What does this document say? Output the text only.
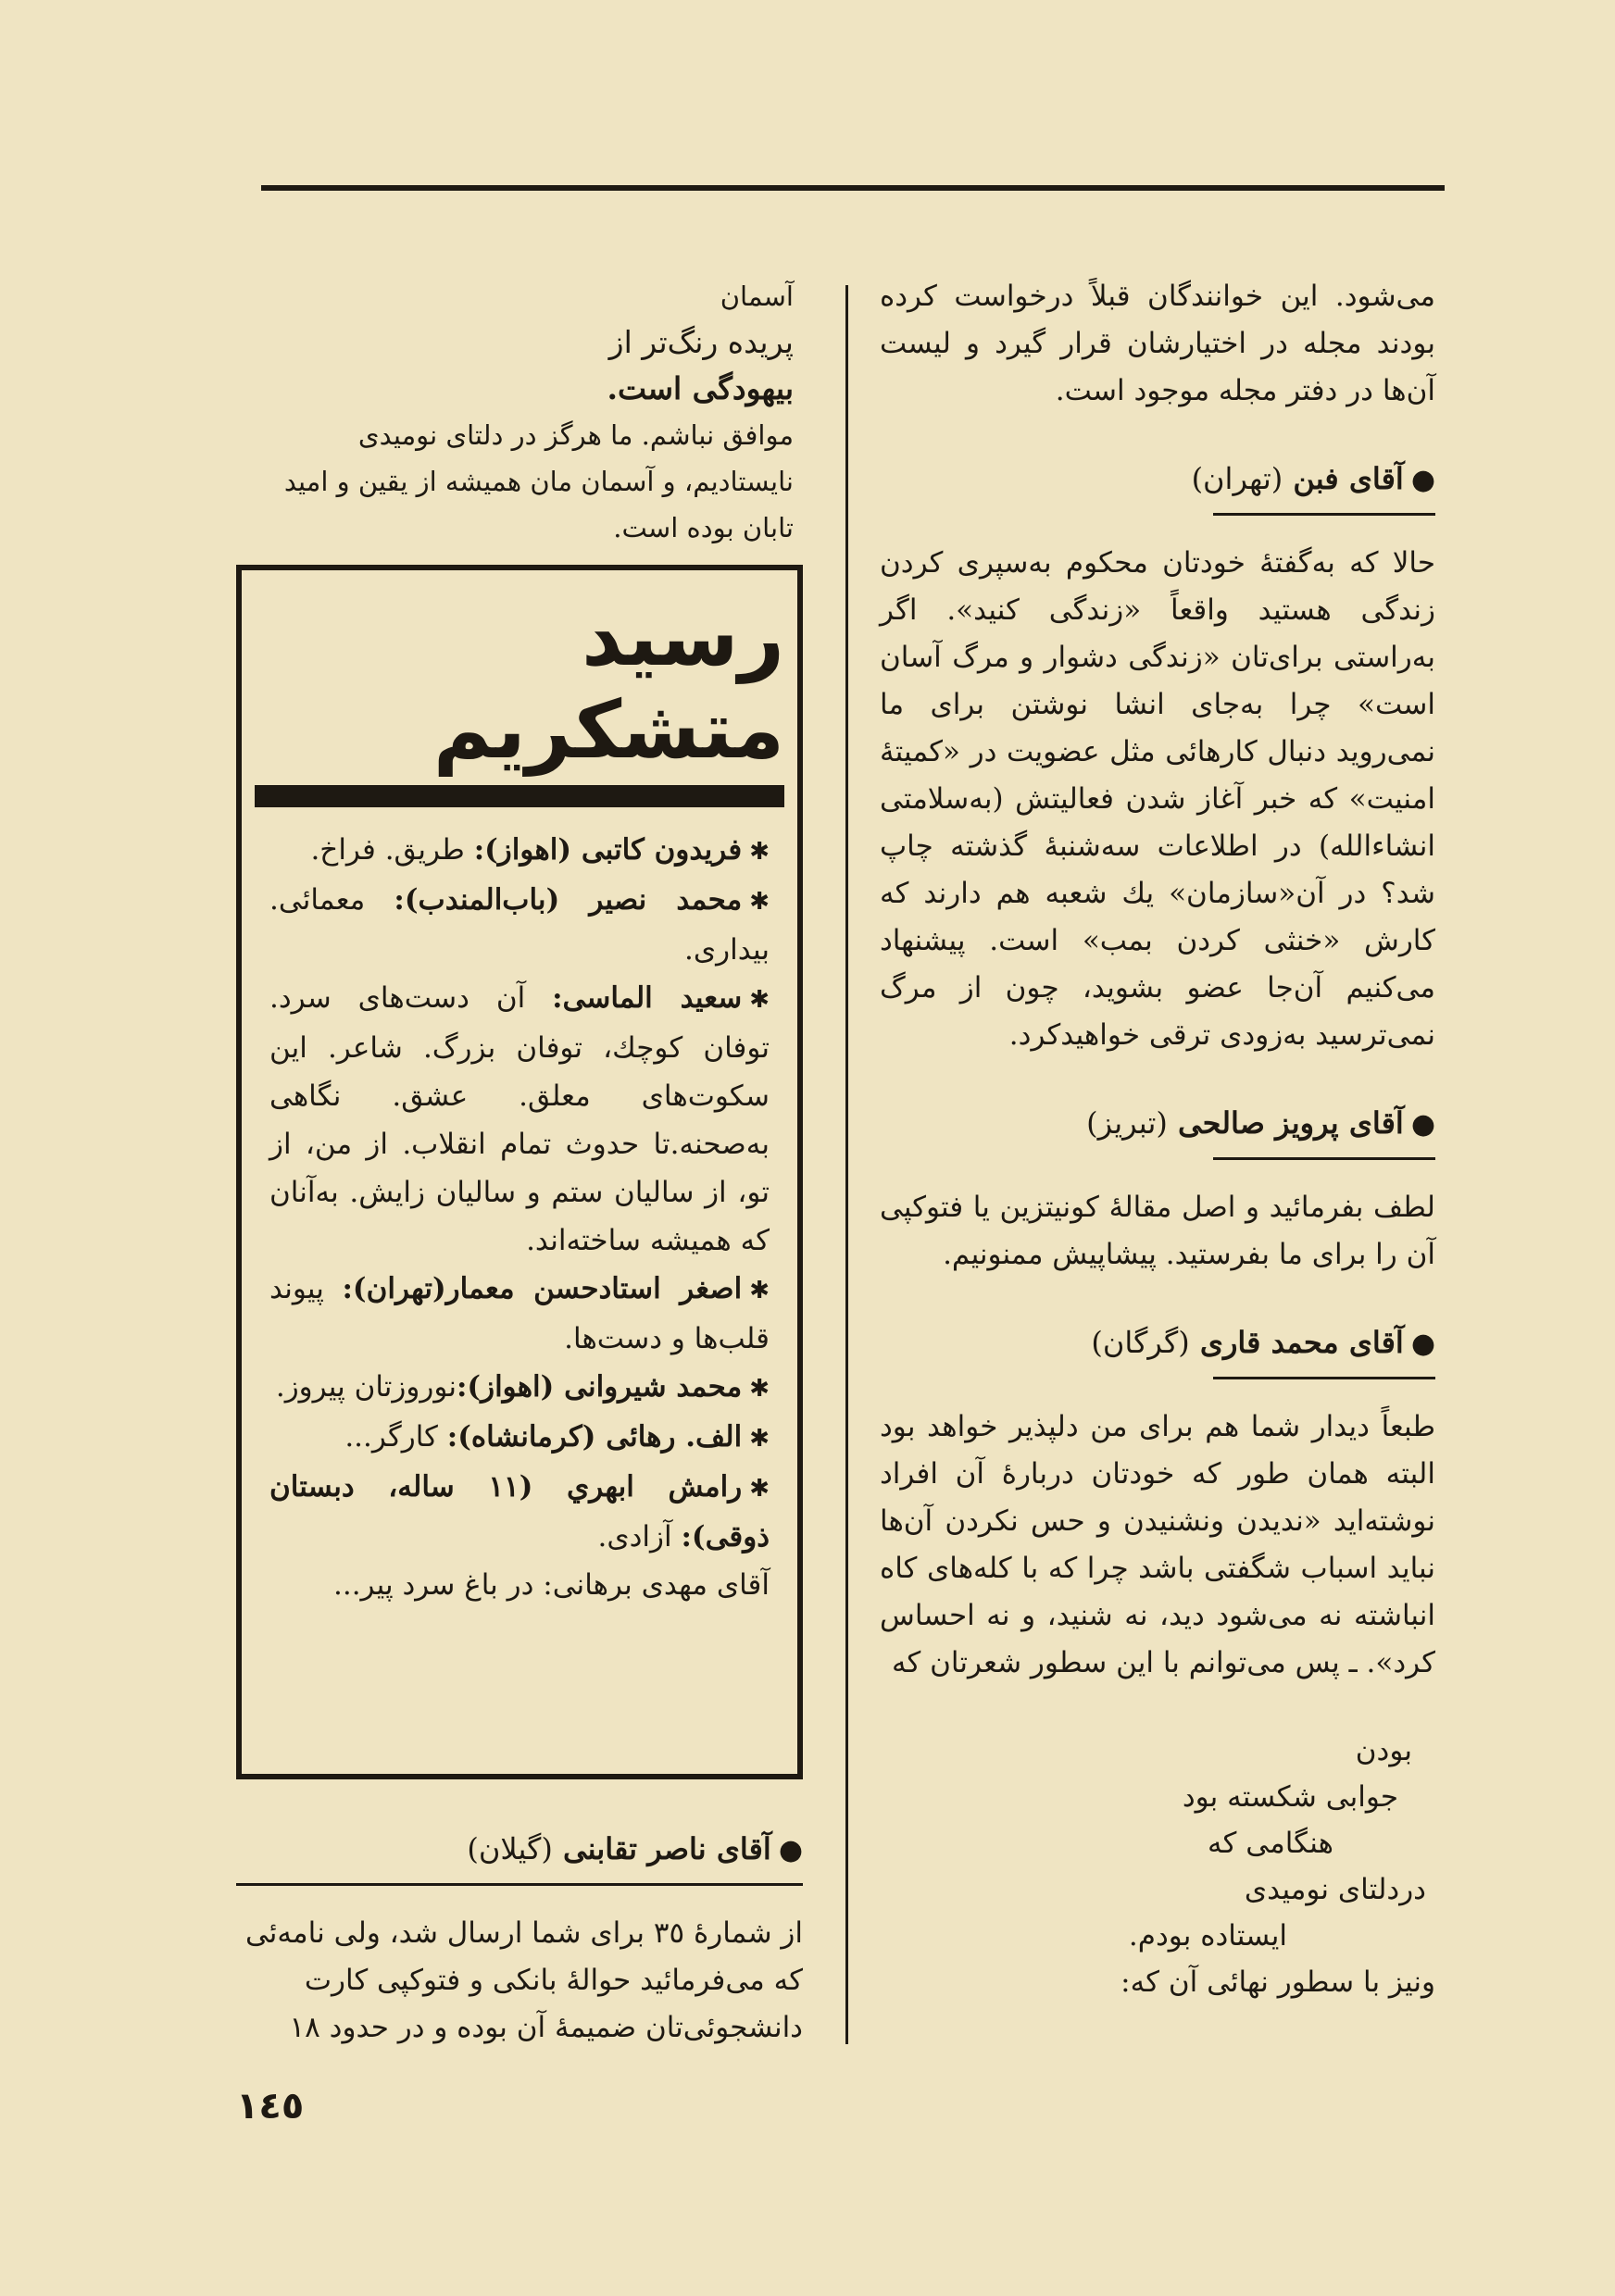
می‌شود. این خوانندگان قبلاً درخواست کرده بودند مجله در اختیارشان قرار گیرد و لیست آن‌ها در دفتر مجله موجود است.

●آقای فبن (تهران)

حالا که به‌گفتهٔ خودتان محکوم به‌سپری کردن زندگی هستید واقعاً «زندگی کنید». اگر به‌راستی برای‌تان «زندگی دشوار و مرگ آسان است» چرا به‌جای انشا نوشتن برای ما نمی‌روید دنبال کارهائی مثل عضویت در «کمیتهٔ امنیت» که خبر آغاز شدن فعالیتش (به‌سلامتی انشاءالله) در اطلاعات سه‌شنبهٔ گذشته چاپ شد؟ در آن«سازمان» یك شعبه هم دارند که کارش «خنثی کردن بمب» است. پیشنهاد می‌کنیم آن‌جا عضو بشوید، چون از مرگ نمی‌ترسید به‌زودی ترقی خواهیدکرد.

●آقای پرویز صالحی (تبریز)

لطف بفرمائید و اصل مقالهٔ کونیتزین یا فتوکپی آن را برای ما بفرستید. پیشاپیش ممنونیم.

●آقای محمد قاری (گرگان)

طبعاً دیدار شما هم برای من دلپذیر خواهد بود البته همان طور که خودتان دربارهٔ آن افراد نوشته‌اید «ندیدن ونشنیدن و حس نکردن آن‌ها نباید اسباب شگفتی باشد چرا که با کله‌های کاه انباشته نه می‌شود دید، نه شنید، و نه احساس کرد». ـ پس می‌توانم با این سطور شعرتان که

بودن
جوابی شکسته بود
هنگامی که
دردلتای نومیدی
ایستاده بودم.
ونیز با سطور نهائی آن که:
آسمان
پریده رنگ‌تر از
بیهودگی است.
موافق نباشم. ما هرگز در دلتای نومیدی
نایستادیم، و آسمان مان همیشه از یقین و امید
تابان بوده است.
رسید متشکریم
✱فریدون کاتبی (اهواز): طریق. فراخ.
✱محمد نصیر (باب‌المندب): معمائی. بیداری.
✱سعید الماسی: آن دست‌های سرد. توفان کوچك، توفان بزرگ. شاعر. این سکوت‌های معلق. عشق. نگاهی به‌صحنه.تا حدوث تمام انقلاب. از من، از تو، از سالیان ستم و سالیان زایش. به‌آنان که همیشه ساخته‌اند.
✱اصغر استادحسن معمار(تهران): پیوند قلب‌ها و دست‌ها.
✱محمد شیروانی (اهواز):نوروزتان پیروز.
✱الف. رهائی (کرمانشاه): کارگر...
✱رامش ابهري (١١ ساله، دبستان ذوقی): آزادی.
آقای مهدی برهانی: در باغ سرد پیر...
●آقای ناصر تقابنی (گیلان)

از شمارهٔ ٣٥ برای شما ارسال شد، ولی نامه‌ئی که می‌فرمائید حوالهٔ بانکی و فتوکپی کارت دانشجوئی‌تان ضمیمهٔ آن بوده و در حدود ١٨

١٤٥
